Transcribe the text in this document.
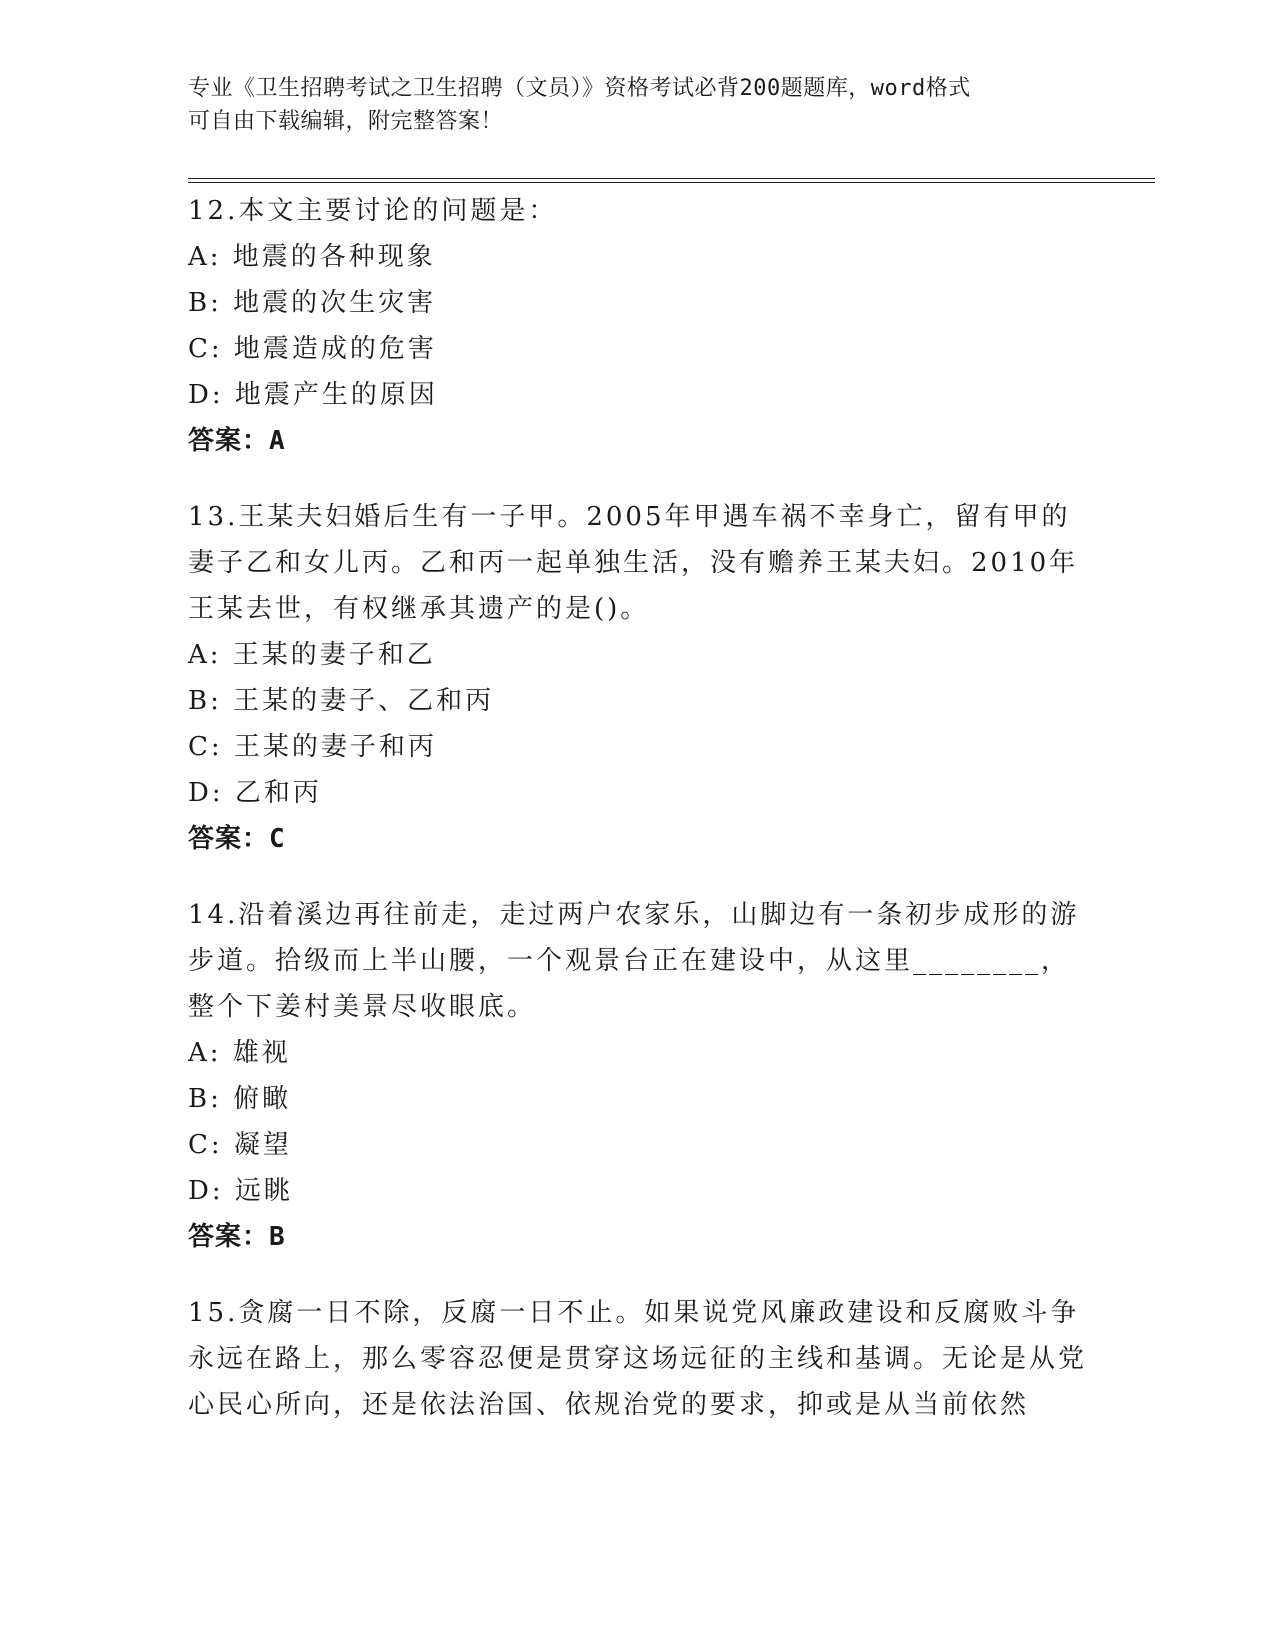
专业《卫生招聘考试之卫生招聘（文员）》资格考试必背200题题库，word格式
可自由下载编辑，附完整答案！
12.本文主要讨论的问题是：
A: 地震的各种现象
B: 地震的次生灾害
C: 地震造成的危害
D: 地震产生的原因
答案：A
13.王某夫妇婚后生有一子甲。2005年甲遇车祸不幸身亡，留有甲的妻子乙和女儿丙。乙和丙一起单独生活，没有赡养王某夫妇。2010年王某去世，有权继承其遗产的是()。
A: 王某的妻子和乙
B: 王某的妻子、乙和丙
C: 王某的妻子和丙
D: 乙和丙
答案：C
14.沿着溪边再往前走，走过两户农家乐，山脚边有一条初步成形的游步道。拾级而上半山腰，一个观景台正在建设中，从这里________，整个下姜村美景尽收眼底。
A: 雄视
B: 俯瞰
C: 凝望
D: 远眺
答案：B
15.贪腐一日不除，反腐一日不止。如果说党风廉政建设和反腐败斗争永远在路上，那么零容忍便是贯穿这场远征的主线和基调。无论是从党心民心所向，还是依法治国、依规治党的要求，抑或是从当前依然
